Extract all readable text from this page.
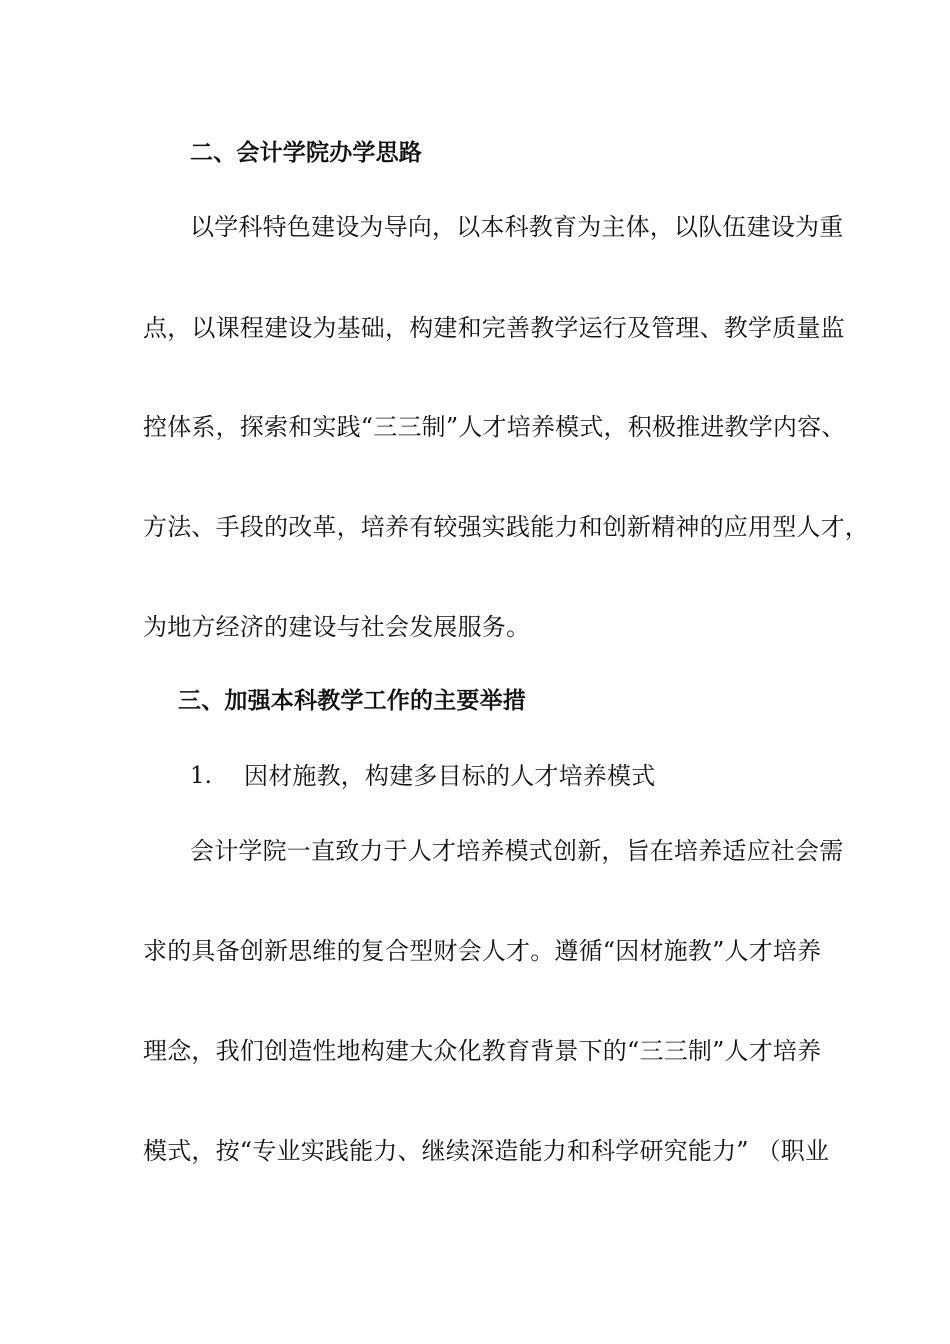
二、会计学院办学思路
以学科特色建设为导向，以本科教育为主体，以队伍建设为重
点，以课程建设为基础，构建和完善教学运行及管理、教学质量监
控体系，探索和实践“三三制”人才培养模式，积极推进教学内容、
方法、手段的改革，培养有较强实践能力和创新精神的应用型人才，
为地方经济的建设与社会发展服务。
三、加强本科教学工作的主要举措
1. 因材施教，构建多目标的人才培养模式
会计学院一直致力于人才培养模式创新，旨在培养适应社会需
求的具备创新思维的复合型财会人才。遵循“因材施教”人才培养
理念，我们创造性地构建大众化教育背景下的“三三制”人才培养
模式，按“专业实践能力、继续深造能力和科学研究能力” （职业
